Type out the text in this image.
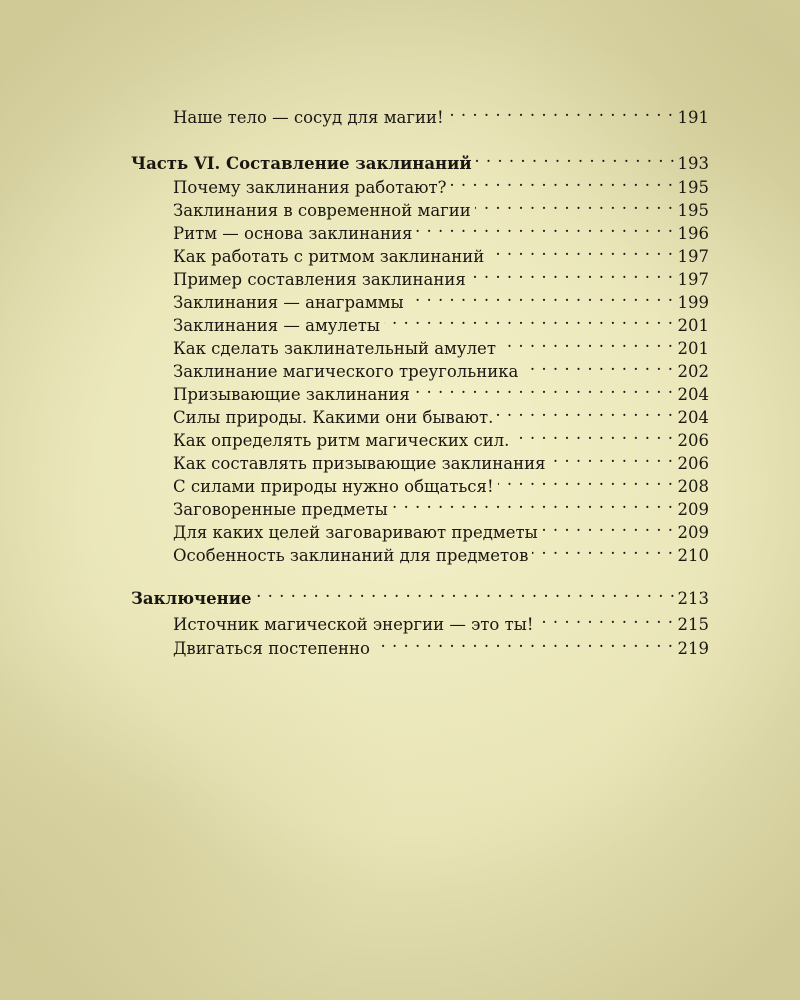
Наше тело — сосуд для магии! . . .	191
Часть VI. Составление заклинаний . . .	193
Почему заклинания работают? . . .	195
Заклинания в современной магии . . .	195
Ритм — основа заклинания . . .	196
Как работать с ритмом заклинаний . . .	197
Пример составления заклинания . . .	197
Заклинания — анаграммы . . .	199
Заклинания — амулеты . . .	201
Как сделать заклинательный амулет . . .	201
Заклинание магического треугольника . . .	202
Призывающие заклинания . . .	204
Силы природы. Какими они бывают. . . .	204
Как определять ритм магических сил. . . .	206
Как составлять призывающие заклинания . . .	206
С силами природы нужно общаться! . . .	208
Заговоренные предметы . . .	209
Для каких целей заговаривают предметы . . .	209
Особенность заклинаний для предметов . . .	210
Заключение . . .	213
Источник магической энергии — это ты! . . .	215
Двигаться постепенно . . .	219
